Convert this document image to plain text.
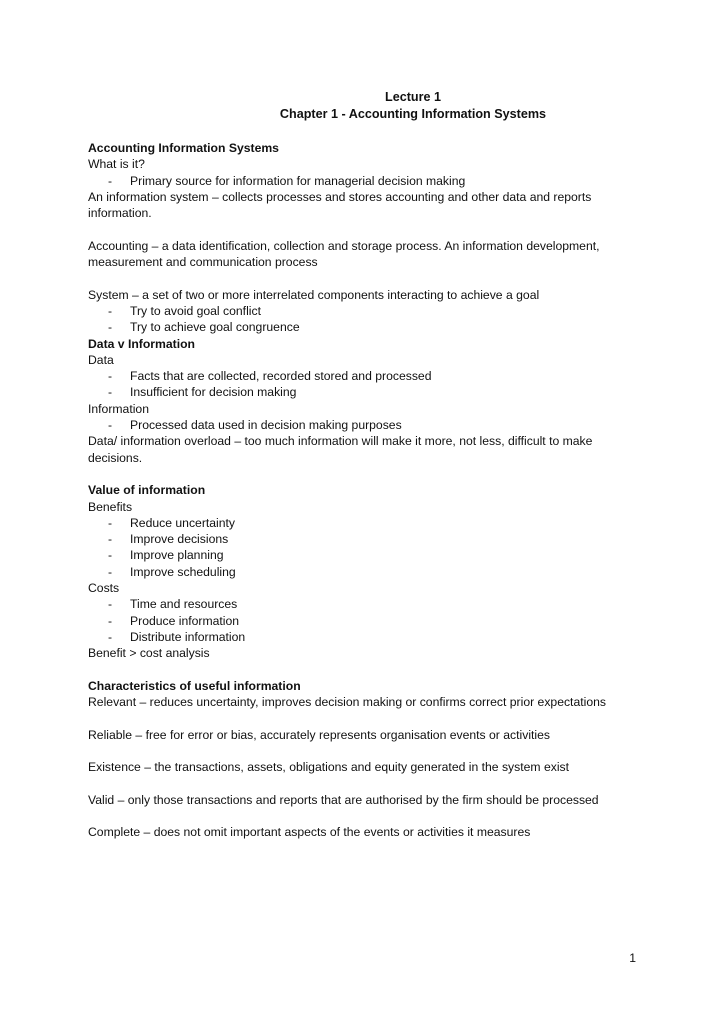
Lecture 1
Chapter 1 - Accounting Information Systems
Accounting Information Systems
What is it?
- Primary source for information for managerial decision making
An information system – collects processes and stores accounting and other data and reports information.
Accounting – a data identification, collection and storage process. An information development, measurement and communication process
System – a set of two or more interrelated components interacting to achieve a goal
- Try to avoid goal conflict
- Try to achieve goal congruence
Data v Information
Data
- Facts that are collected, recorded stored and processed
- Insufficient for decision making
Information
- Processed data used in decision making purposes
Data/ information overload – too much information will make it more, not less, difficult to make decisions.
Value of information
Benefits
- Reduce uncertainty
- Improve decisions
- Improve planning
- Improve scheduling
Costs
- Time and resources
- Produce information
- Distribute information
Benefit > cost analysis
Characteristics of useful information
Relevant – reduces uncertainty, improves decision making or confirms correct prior expectations
Reliable – free for error or bias, accurately represents organisation events or activities
Existence – the transactions, assets, obligations and equity generated in the system exist
Valid – only those transactions and reports that are authorised by the firm should be processed
Complete – does not omit important aspects of the events or activities it measures
1
